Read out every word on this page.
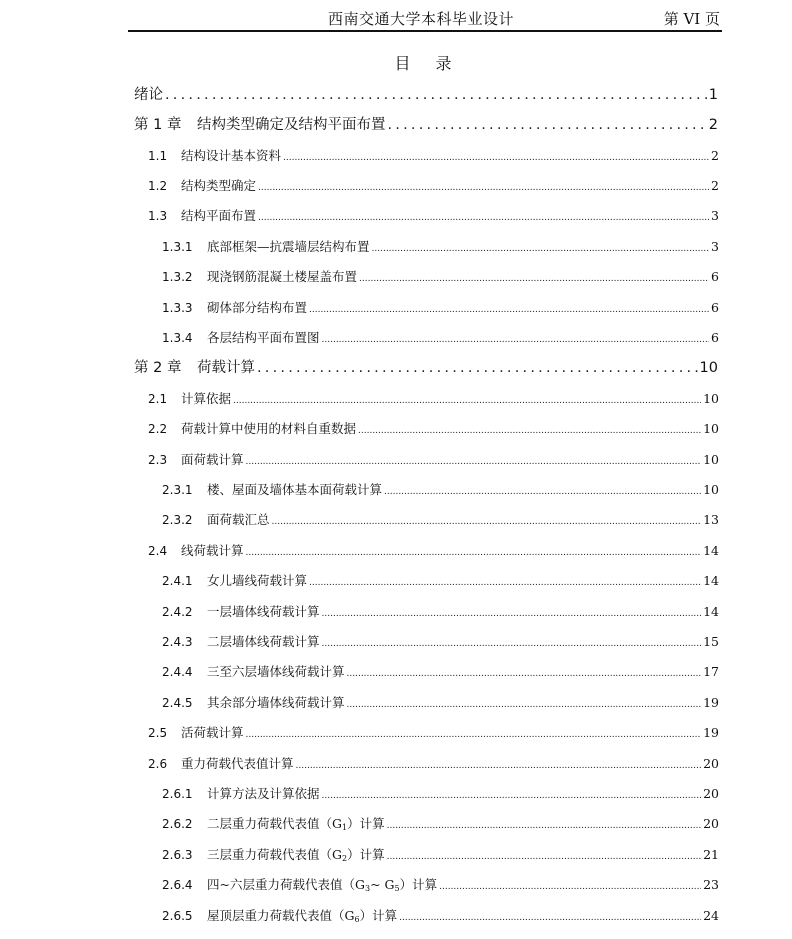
西南交通大学本科毕业设计	第 VI 页
目 录
绪论 .....	1
第 1 章	结构类型确定及结构平面布置 .....	2
1.1	结构设计基本资料 .....	2
1.2	结构类型确定 .....	2
1.3	结构平面布置 .....	3
1.3.1	底部框架—抗震墙层结构布置 .....	3
1.3.2	现浇钢筋混凝土楼屋盖布置 .....	6
1.3.3	砌体部分结构布置 .....	6
1.3.4	各层结构平面布置图 .....	6
第 2 章	荷载计算 .....	10
2.1	计算依据 .....	10
2.2	荷载计算中使用的材料自重数据 .....	10
2.3	面荷载计算 .....	10
2.3.1	楼、屋面及墙体基本面荷载计算 .....	10
2.3.2	面荷载汇总 .....	13
2.4	线荷载计算 .....	14
2.4.1	女儿墙线荷载计算 .....	14
2.4.2	一层墙体线荷载计算 .....	14
2.4.3	二层墙体线荷载计算 .....	15
2.4.4	三至六层墙体线荷载计算 .....	17
2.4.5	其余部分墙体线荷载计算 .....	19
2.5	活荷载计算 .....	19
2.6	重力荷载代表值计算 .....	20
2.6.1	计算方法及计算依据 .....	20
2.6.2	二层重力荷载代表值$(G_1)$计算 .....	20
2.6.3	三层重力荷载代表值$(G_2)$计算 .....	21
2.6.4	四~六层重力荷载代表值（$G_3\sim$ $G_5$）计算 .....	23
2.6.5	屋顶层重力荷载代表值$(G_6)$计算 .....	24
